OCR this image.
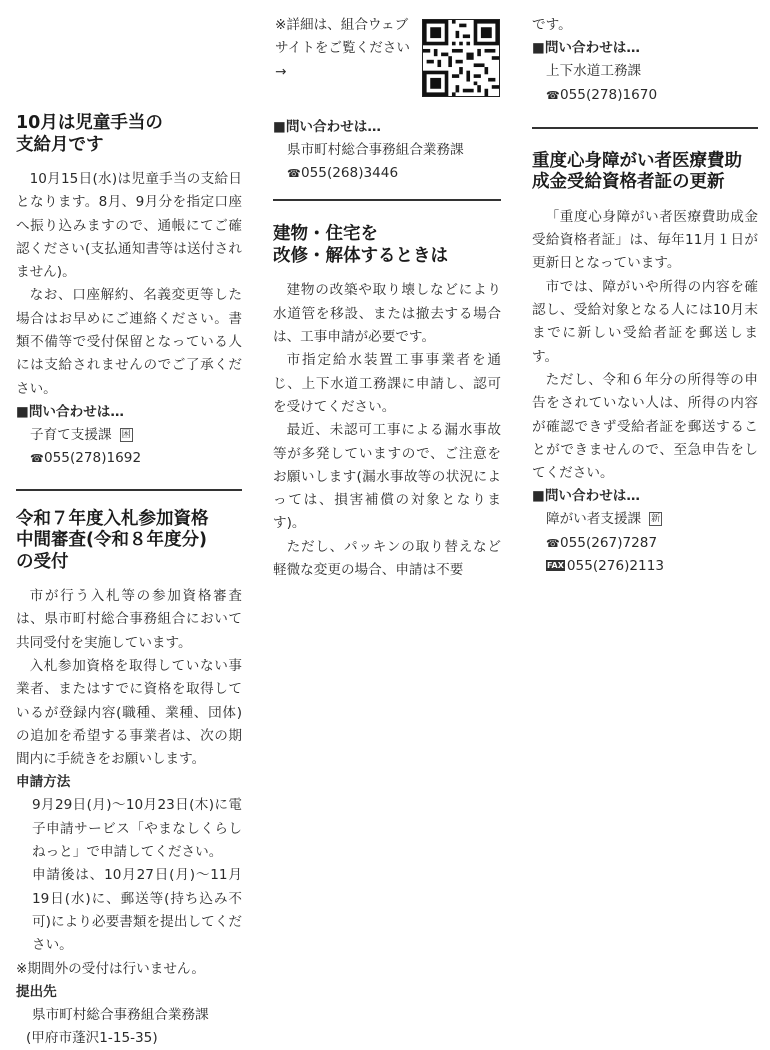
10月は児童手当の
支給月です

10月15日(水)は児童手当の支給日となります。8月、9月分を指定口座へ振り込みますので、通帳にてご確認ください(支払通知書等は送付されません)。

なお、口座解約、名義変更等した場合はお早めにご連絡ください。書類不備等で受付保留となっている人には支給されませんのでご了承ください。

■問い合わせは…

子育て支援課 困

☎055(278)1692

令和７年度入札参加資格
中間審査(令和８年度分)
の受付

市が行う入札等の参加資格審査は、県市町村総合事務組合において共同受付を実施しています。

入札参加資格を取得していない事業者、またはすでに資格を取得しているが登録内容(職種、業種、団体)の追加を希望する事業者は、次の期間内に手続きをお願いします。

申請方法

9月29日(月)～10月23日(木)に電子申請サービス「やまなしくらしねっと」で申請してください。

申請後は、10月27日(月)～11月19日(水)に、郵送等(持ち込み不可)により必要書類を提出してください。

※期間外の受付は行いません。

提出先

県市町村総合事務組合業務課

(甲府市蓬沢1-15-35)

※詳細は、組合ウェブサイトをご覧ください→

■問い合わせは…

県市町村総合事務組合業務課

☎055(268)3446

建物・住宅を
改修・解体するときは

建物の改築や取り壊しなどにより水道管を移設、または撤去する場合は、工事申請が必要です。

市指定給水装置工事事業者を通じ、上下水道工務課に申請し、認可を受けてください。

最近、未認可工事による漏水事故等が多発していますので、ご注意をお願いします(漏水事故等の状況によっては、損害補償の対象となります)。

ただし、パッキンの取り替えなど軽微な変更の場合、申請は不要

です。

■問い合わせは…

上下水道工務課

☎055(278)1670

重度心身障がい者医療費助
成金受給資格者証の更新

「重度心身障がい者医療費助成金受給資格者証」は、毎年11月１日が更新日となっています。

市では、障がいや所得の内容を確認し、受給対象となる人には10月末までに新しい受給者証を郵送します。

ただし、令和６年分の所得等の申告をされていない人は、所得の内容が確認できず受給者証を郵送することができませんので、至急申告をしてください。

■問い合わせは…

障がい者支援課 新

☎055(267)7287

FAX 055(276)2113
